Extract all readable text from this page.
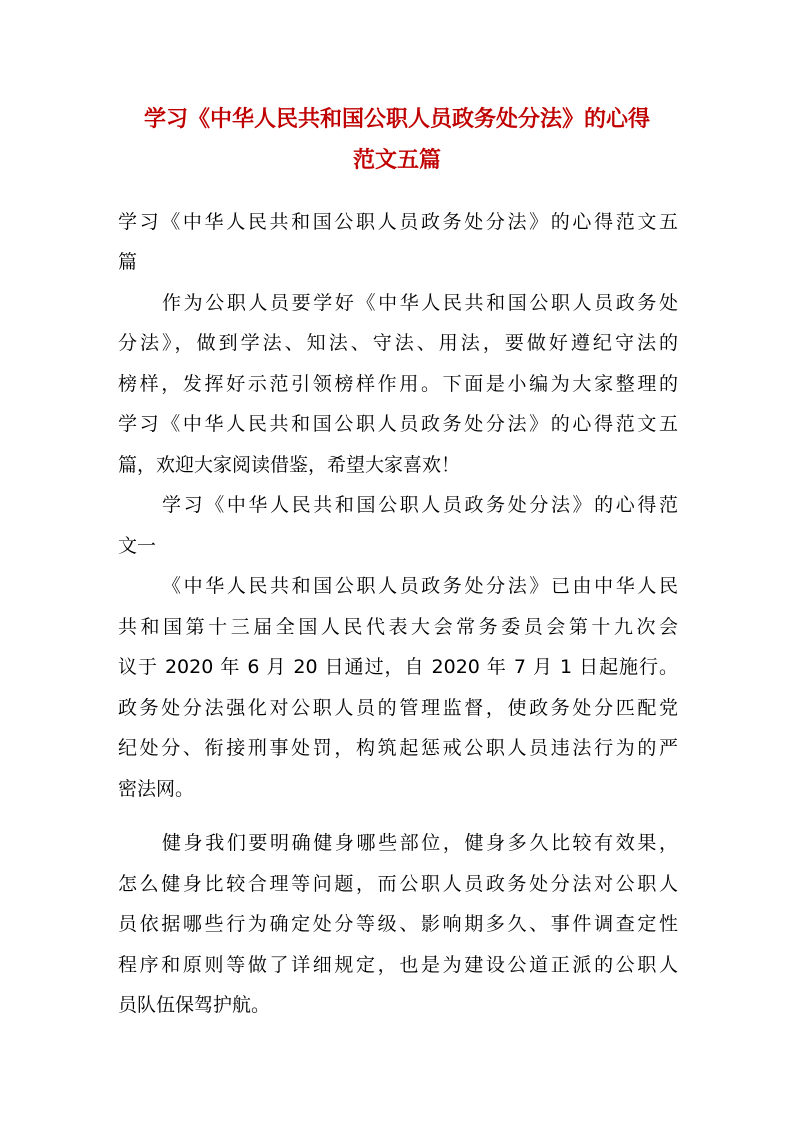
学习《中华人民共和国公职人员政务处分法》的心得
范文五篇
学习《中华人民共和国公职人员政务处分法》的心得范文五
篇
作为公职人员要学好《中华人民共和国公职人员政务处
分法》，做到学法、知法、守法、用法，要做好遵纪守法的
榜样，发挥好示范引领榜样作用。下面是小编为大家整理的
学习《中华人民共和国公职人员政务处分法》的心得范文五
篇，欢迎大家阅读借鉴，希望大家喜欢！
学习《中华人民共和国公职人员政务处分法》的心得范
文一
《中华人民共和国公职人员政务处分法》已由中华人民
共和国第十三届全国人民代表大会常务委员会第十九次会
议于 2020 年 6 月 20 日通过，自 2020 年 7 月 1 日起施行。
政务处分法强化对公职人员的管理监督，使政务处分匹配党
纪处分、衔接刑事处罚，构筑起惩戒公职人员违法行为的严
密法网。
健身我们要明确健身哪些部位，健身多久比较有效果，
怎么健身比较合理等问题，而公职人员政务处分法对公职人
员依据哪些行为确定处分等级、影响期多久、事件调查定性
程序和原则等做了详细规定，也是为建设公道正派的公职人
员队伍保驾护航。
